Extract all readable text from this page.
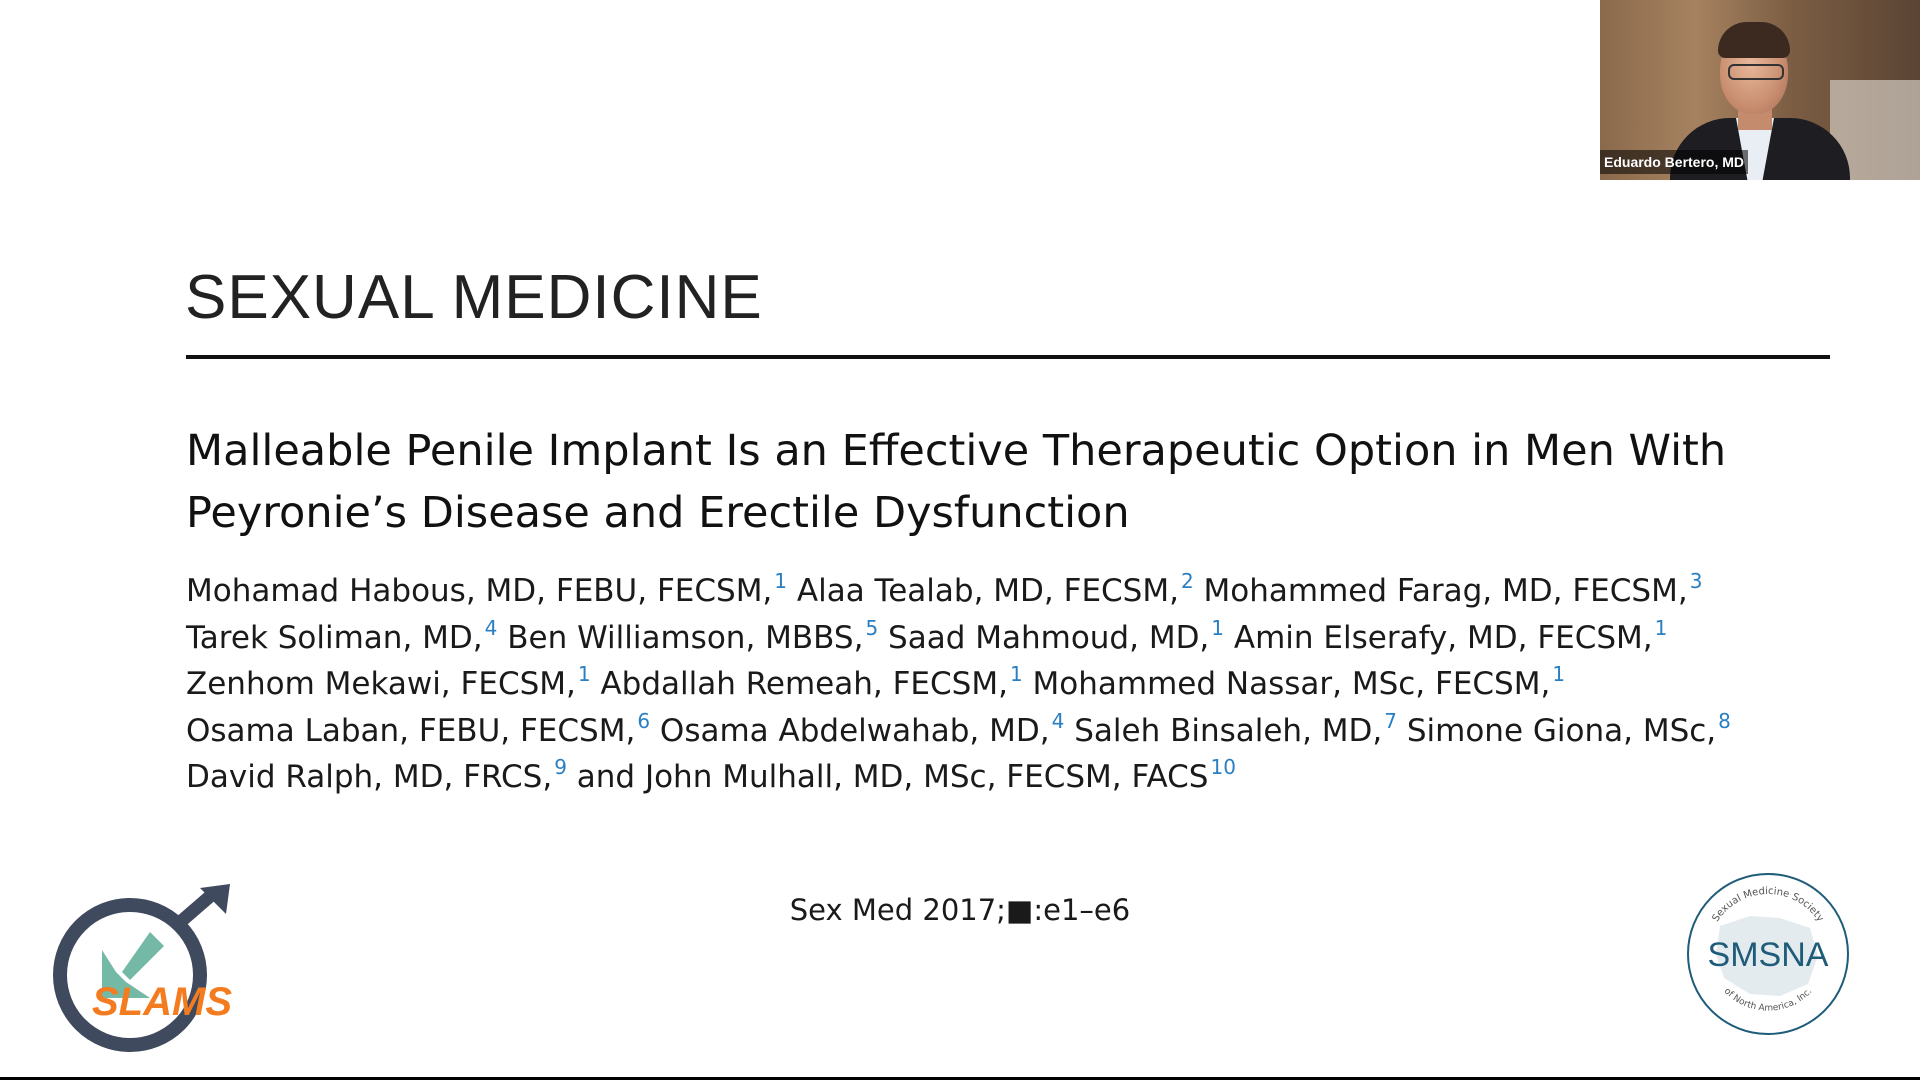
Eduardo Bertero, MD
SEXUAL MEDICINE
Malleable Penile Implant Is an Effective Therapeutic Option in Men With
Peyronie’s Disease and Erectile Dysfunction
Mohamad Habous, MD, FEBU, FECSM, $^1$ Alaa Tealab, MD, FECSM, $^2$ Mohammed Farag, MD, FECSM, $^3$
Tarek Soliman, MD, $^4$ Ben Williamson, MBBS, $^5$ Saad Mahmoud, MD, $^1$ Amin Elserafy, MD, FECSM, $^1$
Zenhom Mekawi, FECSM, $^1$ Abdallah Remeah, FECSM, $^1$ Mohammed Nassar, MSc, FECSM, $^1$
Osama Laban, FEBU, FECSM, $^6$ Osama Abdelwahab, MD, $^4$ Saleh Binsaleh, MD, $^7$ Simone Giona, MSc, $^8$
David Ralph, MD, FRCS, $^9$ and John Mulhall, MD, MSc, FECSM, FACS $^{10}$
Sex Med 2017;■:e1–e6
SLAMS
Sexual Medicine Society
SMSNA
of North America, Inc.
